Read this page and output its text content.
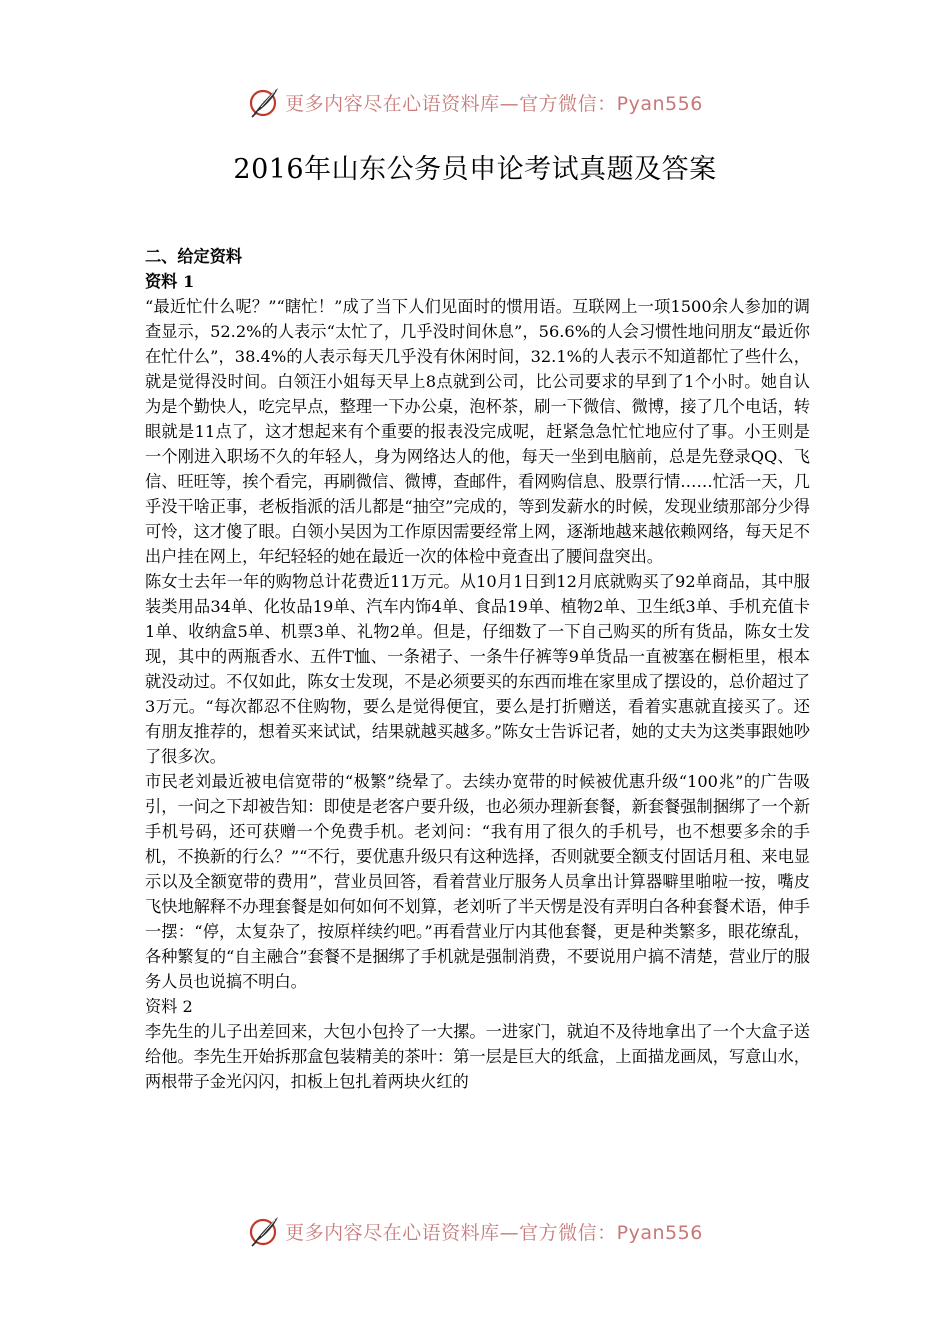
更多内容尽在心语资料库—官方微信：Pyan556
2016年山东公务员申论考试真题及答案

二、给定资料

资料 1

“最近忙什么呢？”“瞎忙！”成了当下人们见面时的惯用语。互联网上一项1500余人参加的调查显示，52.2%的人表示“太忙了，几乎没时间休息”，56.6%的人会习惯性地问朋友“最近你在忙什么”，38.4%的人表示每天几乎没有休闲时间，32.1%的人表示不知道都忙了些什么，就是觉得没时间。白领汪小姐每天早上8点就到公司，比公司要求的早到了1个小时。她自认为是个勤快人，吃完早点，整理一下办公桌，泡杯茶，刷一下微信、微博，接了几个电话，转眼就是11点了，这才想起来有个重要的报表没完成呢，赶紧急急忙忙地应付了事。小王则是一个刚进入职场不久的年轻人，身为网络达人的他，每天一坐到电脑前，总是先登录QQ、飞信、旺旺等，挨个看完，再刷微信、微博，查邮件，看网购信息、股票行情……忙活一天，几乎没干啥正事，老板指派的活儿都是“抽空”完成的，等到发薪水的时候，发现业绩那部分少得可怜，这才傻了眼。白领小吴因为工作原因需要经常上网，逐渐地越来越依赖网络，每天足不出户挂在网上，年纪轻轻的她在最近一次的体检中竟查出了腰间盘突出。

陈女士去年一年的购物总计花费近11万元。从10月1日到12月底就购买了92单商品，其中服装类用品34单、化妆品19单、汽车内饰4单、食品19单、植物2单、卫生纸3单、手机充值卡1单、收纳盒5单、机票3单、礼物2单。但是，仔细数了一下自己购买的所有货品，陈女士发现，其中的两瓶香水、五件T恤、一条裙子、一条牛仔裤等9单货品一直被塞在橱柜里，根本就没动过。不仅如此，陈女士发现，不是必须要买的东西而堆在家里成了摆设的，总价超过了3万元。“每次都忍不住购物，要么是觉得便宜，要么是打折赠送，看着实惠就直接买了。还有朋友推荐的，想着买来试试，结果就越买越多。”陈女士告诉记者，她的丈夫为这类事跟她吵了很多次。

市民老刘最近被电信宽带的“极繁”绕晕了。去续办宽带的时候被优惠升级“100兆”的广告吸引，一问之下却被告知：即使是老客户要升级，也必须办理新套餐，新套餐强制捆绑了一个新手机号码，还可获赠一个免费手机。老刘问：“我有用了很久的手机号，也不想要多余的手机，不换新的行么？”“不行，要优惠升级只有这种选择，否则就要全额支付固话月租、来电显示以及全额宽带的费用”，营业员回答，看着营业厅服务人员拿出计算器噼里啪啦一按，嘴皮飞快地解释不办理套餐是如何如何不划算，老刘听了半天愣是没有弄明白各种套餐术语，伸手一摆：“停，太复杂了，按原样续约吧。”再看营业厅内其他套餐，更是种类繁多，眼花缭乱，各种繁复的“自主融合”套餐不是捆绑了手机就是强制消费，不要说用户搞不清楚，营业厅的服务人员也说搞不明白。

资料 2

李先生的儿子出差回来，大包小包拎了一大摞。一进家门，就迫不及待地拿出了一个大盒子送给他。李先生开始拆那盒包装精美的茶叶：第一层是巨大的纸盒，上面描龙画凤，写意山水，两根带子金光闪闪，扣板上包扎着两块火红的

更多内容尽在心语资料库—官方微信：Pyan556
